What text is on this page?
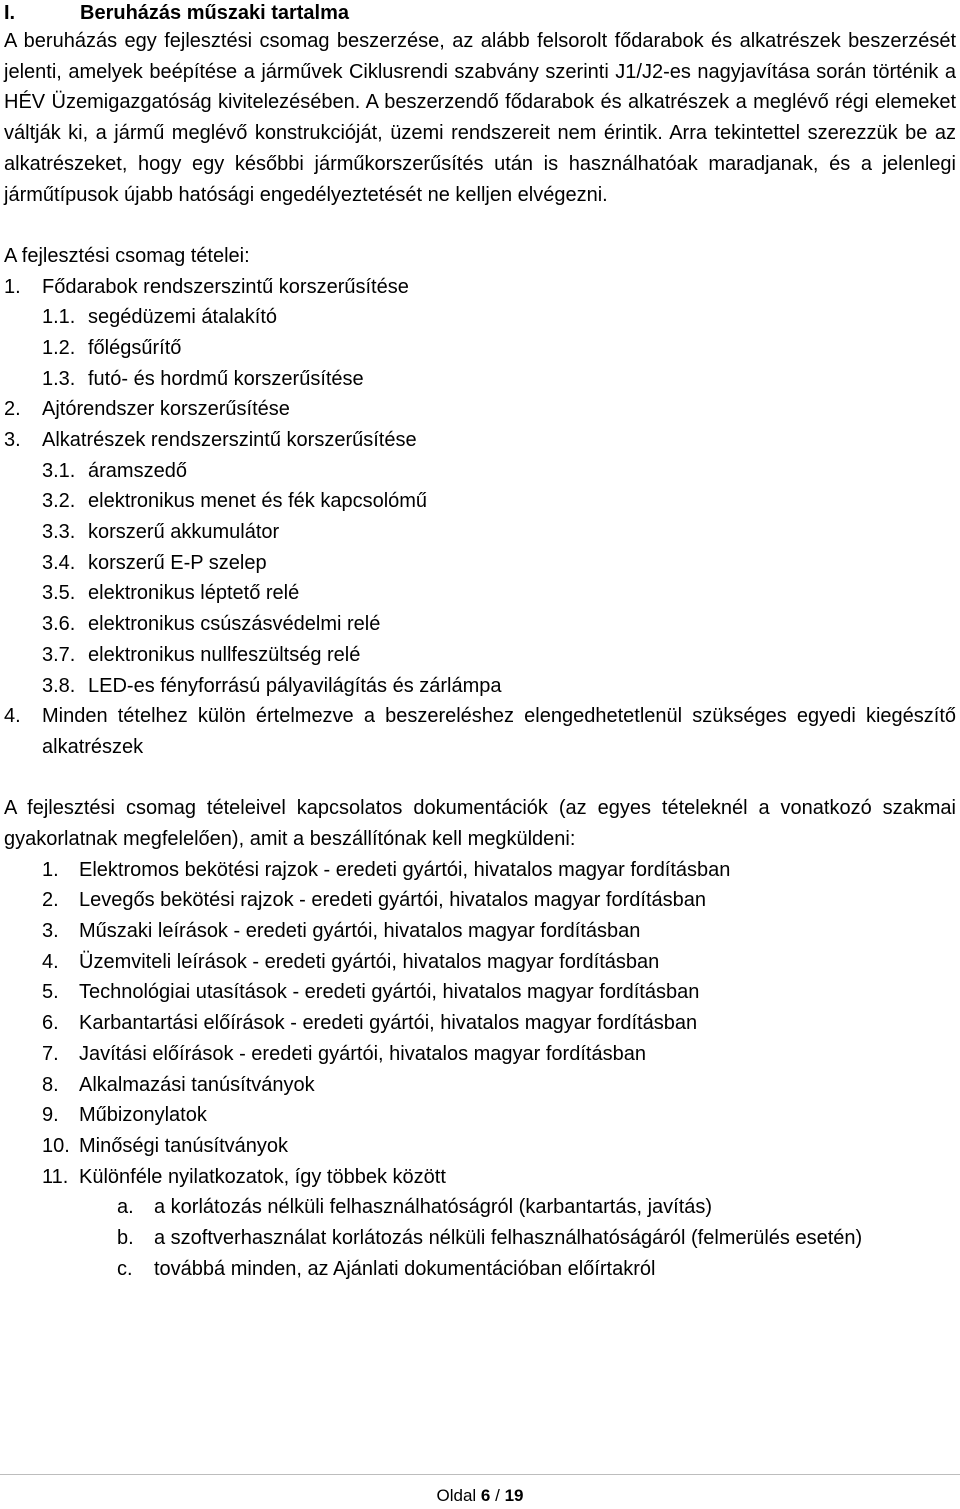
I.	Beruházás műszaki tartalma

A beruházás egy fejlesztési csomag beszerzése, az alább felsorolt fődarabok és alkatrészek beszerzését jelenti, amelyek beépítése a járművek Ciklusrendi szabvány szerinti J1/J2-es nagyjavítása során történik a HÉV Üzemigazgatóság kivitelezésében. A beszerzendő fődarabok és alkatrészek a meglévő régi elemeket váltják ki, a jármű meglévő konstrukcióját, üzemi rendszereit nem érintik. Arra tekintettel szerezzük be az alkatrészeket, hogy egy későbbi járműkorszerűsítés után is használhatóak maradjanak, és a jelenlegi járműtípusok újabb hatósági engedélyeztetését ne kelljen elvégezni.

A fejlesztési csomag tételei:
1.	Fődarabok rendszerszintű korszerűsítése
1.1. segédüzemi átalakító
1.2. főlégsűrítő
1.3. futó- és hordmű korszerűsítése
2.	Ajtórendszer korszerűsítése
3.	Alkatrészek rendszerszintű korszerűsítése
3.1. áramszedő
3.2. elektronikus menet és fék kapcsolómű
3.3. korszerű akkumulátor
3.4. korszerű E-P szelep
3.5. elektronikus léptető relé
3.6. elektronikus csúszásvédelmi relé
3.7. elektronikus nullfeszültség relé
3.8. LED-es fényforrású pályavilágítás és zárlámpa
4.	Minden tételhez külön értelmezve a beszereléshez elengedhetetlenül szükséges egyedi kiegészítő alkatrészek

A fejlesztési csomag tételeivel kapcsolatos dokumentációk (az egyes tételeknél a vonatkozó szakmai gyakorlatnak megfelelően), amit a beszállítónak kell megküldeni:

1.	Elektromos bekötési rajzok - eredeti gyártói, hivatalos magyar fordításban
2.	Levegős bekötési rajzok - eredeti gyártói, hivatalos magyar fordításban
3.	Műszaki leírások - eredeti gyártói, hivatalos magyar fordításban
4.	Üzemviteli leírások - eredeti gyártói, hivatalos magyar fordításban
5.	Technológiai utasítások - eredeti gyártói, hivatalos magyar fordításban
6.	Karbantartási előírások - eredeti gyártói, hivatalos magyar fordításban
7.	Javítási előírások - eredeti gyártói, hivatalos magyar fordításban
8.	Alkalmazási tanúsítványok
9.	Műbizonylatok
10. Minőségi tanúsítványok
11. Különféle nyilatkozatok, így többek között
a.	a korlátozás nélküli felhasználhatóságról (karbantartás, javítás)
b.	a szoftverhasználat korlátozás nélküli felhasználhatóságáról (felmerülés esetén)
c.	továbbá minden, az Ajánlati dokumentációban előírtakról
Oldal 6 / 19
